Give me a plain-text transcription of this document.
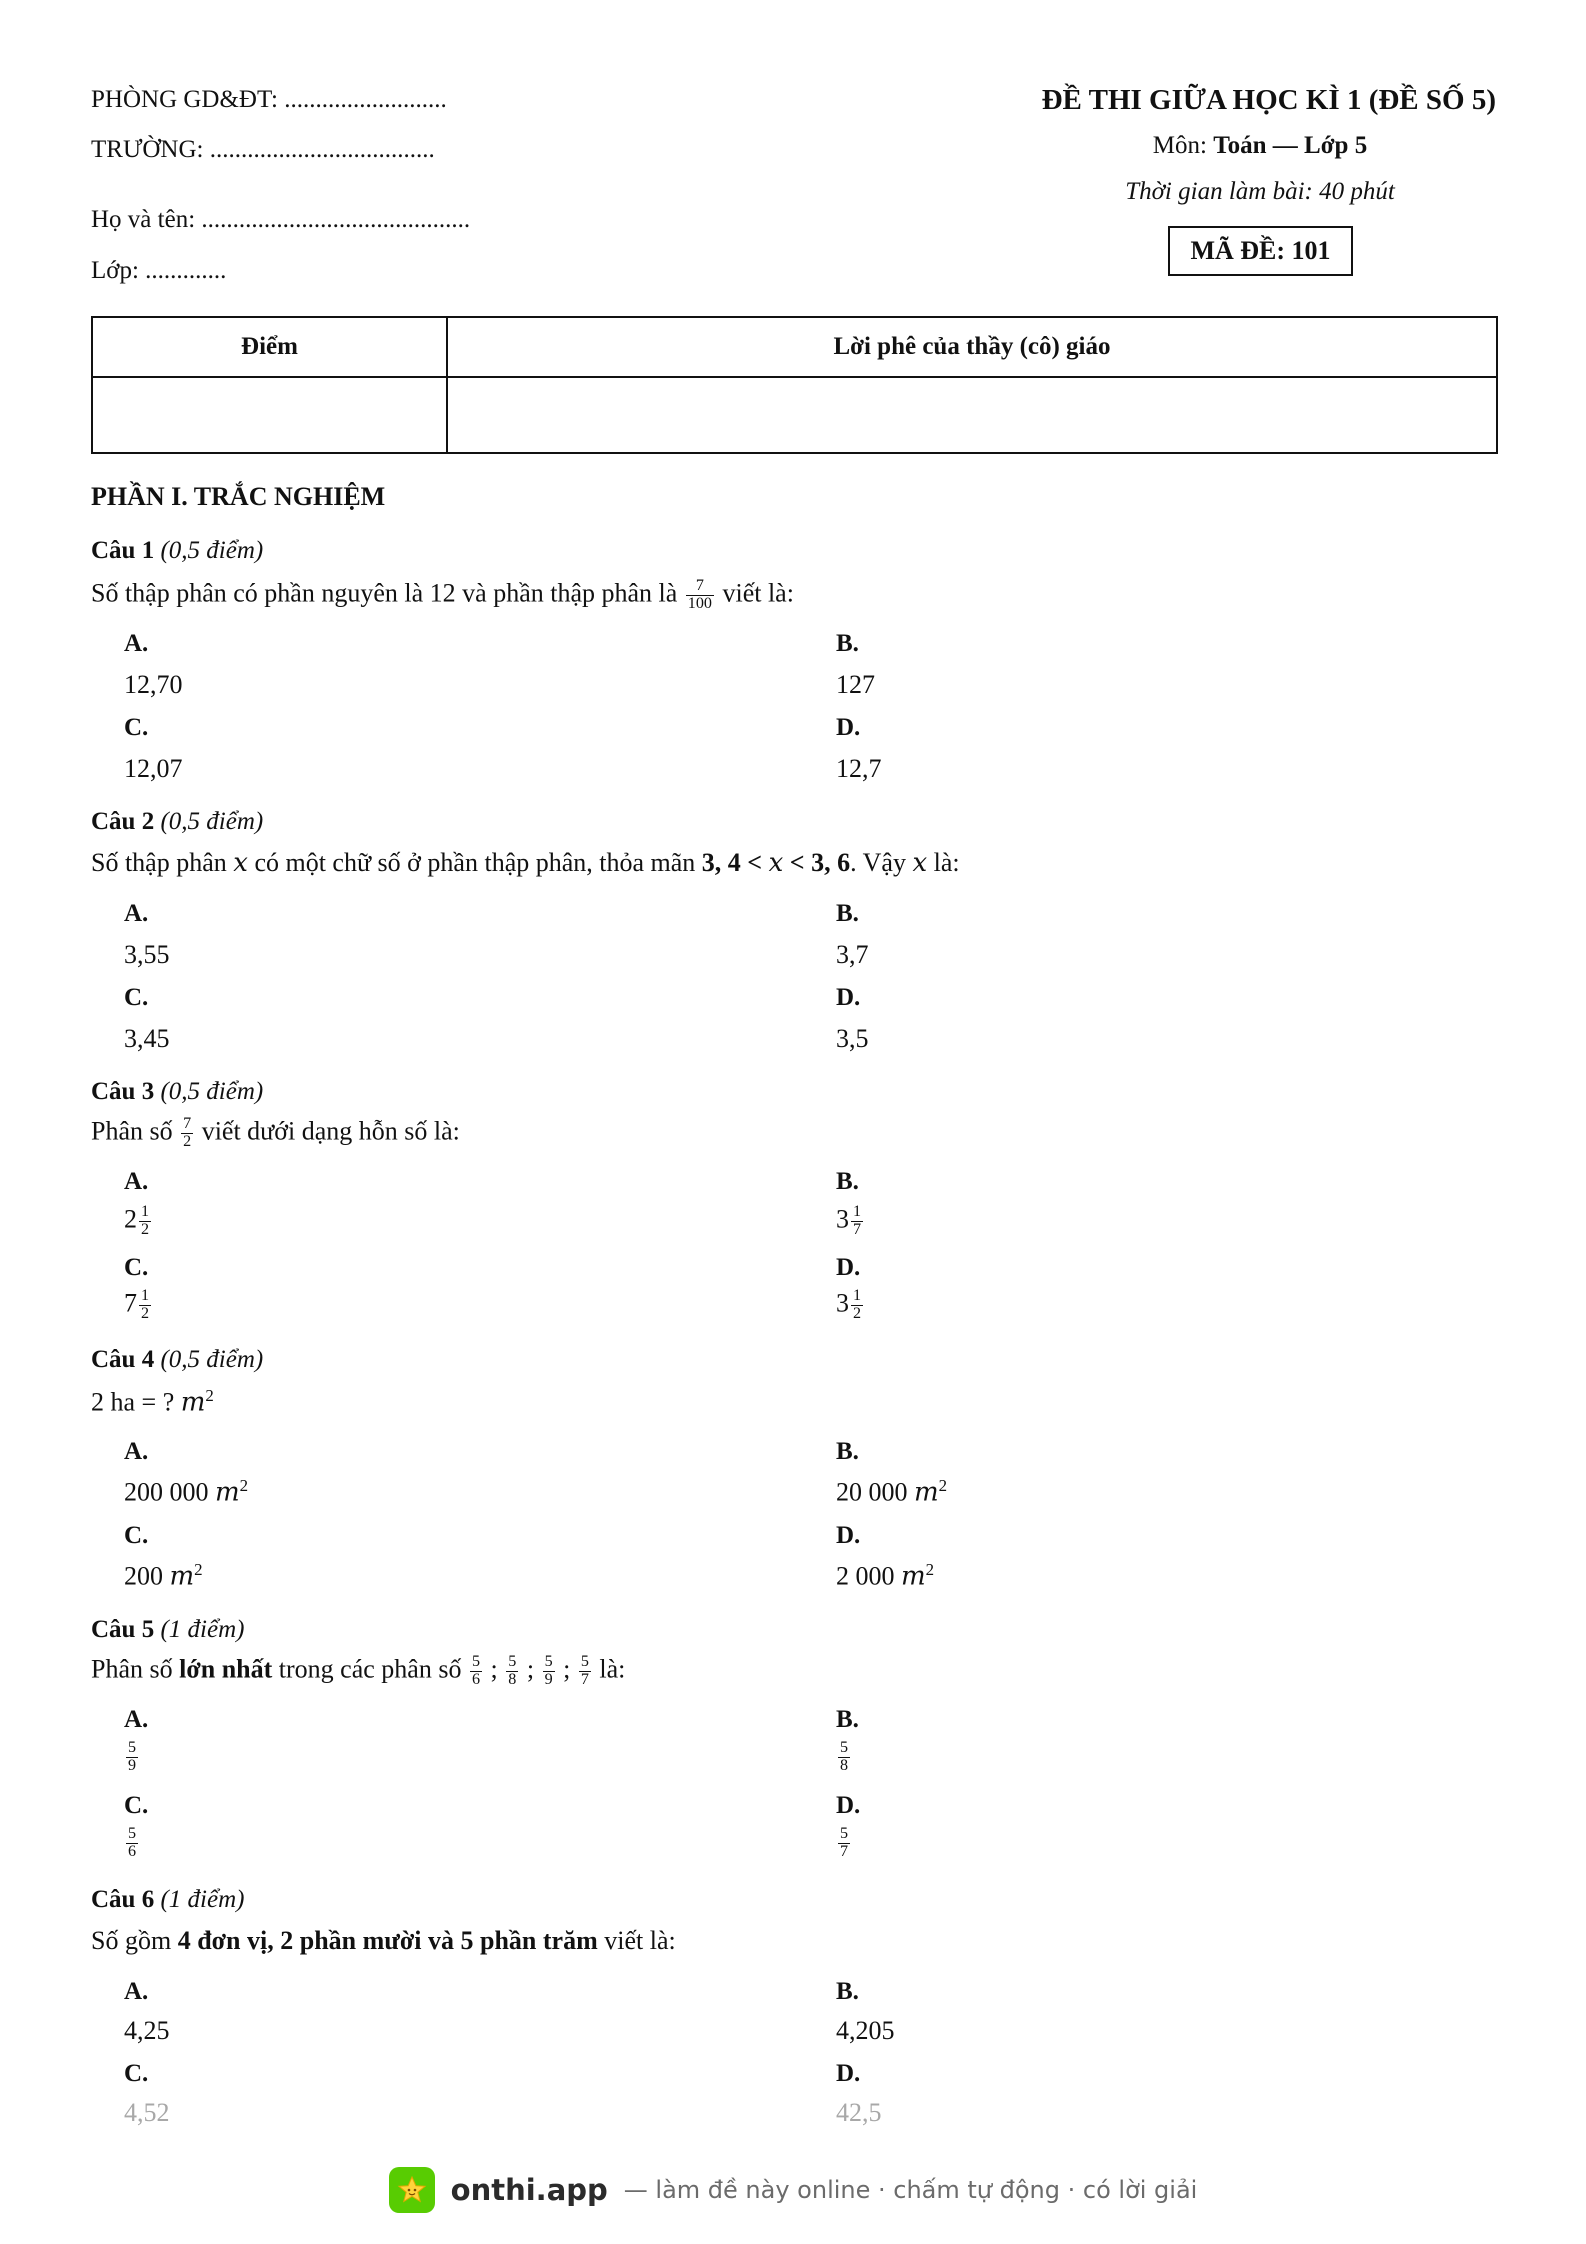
PHÒNG GD&ĐT: ..........................
TRƯỜNG: ....................................
Họ và tên: ...........................................
Lớp: .............
ĐỀ THI GIỮA HỌC KÌ 1 (ĐỀ SỐ 5)
Môn: Toán — Lớp 5
Thời gian làm bài: 40 phút
MÃ ĐỀ: 101
Điểm	Lời phê của thầy (cô) giáo

PHẦN I. TRẮC NGHIỆM
Câu 1 (0,5 điểm)
Số thập phân có phần nguyên là 12 và phần thập phân là $\frac{7}{100}$ viết là:
A.
12,70
B.
127
C.
12,07
D.
12,7
Câu 2 (0,5 điểm)
Số thập phân x có một chữ số ở phần thập phân, thỏa mãn 3, 4 < x < 3, 6. Vậy x là:
A.
3,55
B.
3,7
C.
3,45
D.
3,5
Câu 3 (0,5 điểm)
Phân số $\frac{7}{2}$ viết dưới dạng hỗn số là:
A.
$2 \frac{1}{2}$
B.
$3 \frac{1}{7}$
C.
$7 \frac{1}{2}$
D.
$3 \frac{1}{2}$
Câu 4 (0,5 điểm)
2 ha = ? $m^2$
A.
200 000 $m^2$
B.
20 000 $m^2$
C.
200 $m^2$
D.
2 000 $m^2$
Câu 5 (1 điểm)
Phân số lớn nhất trong các phân số $\frac{5}{6}$ ; $\frac{5}{8}$ ; $\frac{5}{9}$ ; $\frac{5}{7}$ là:
A.
$\frac{5}{9}$
B.
$\frac{5}{8}$
C.
$\frac{5}{6}$
D.
$\frac{5}{7}$
Câu 6 (1 điểm)
Số gồm 4 đơn vị, 2 phần mười và 5 phần trăm viết là:
A.
4,25
B.
4,205
C.
4,52
D.
42,5
onthi.app — làm đề này online · chấm tự động · có lời giải
